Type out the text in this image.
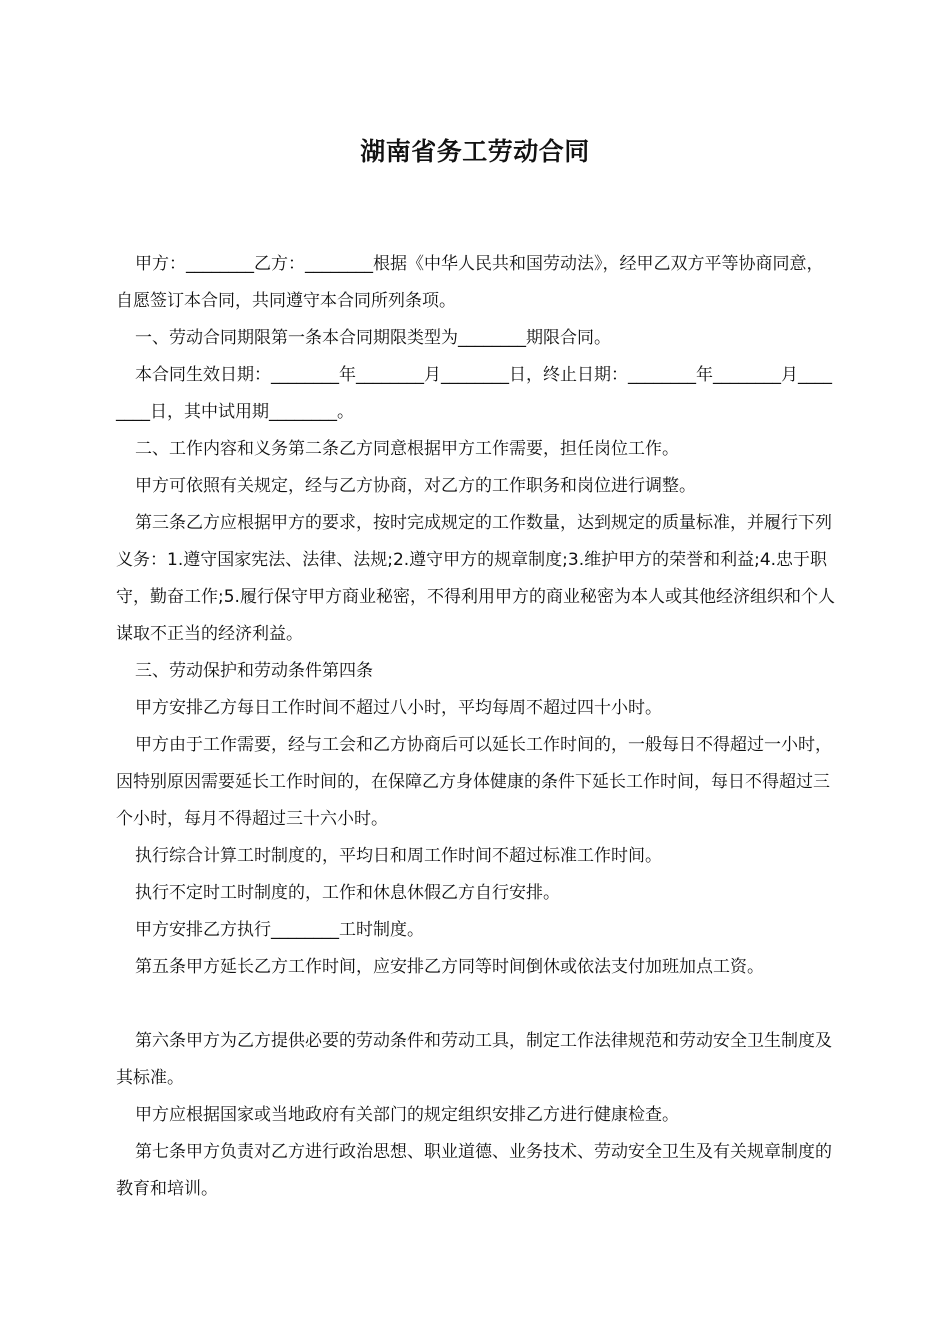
湖南省务工劳动合同

甲方：________乙方：________根据《中华人民共和国劳动法》，经甲乙双方平等协商同意，自愿签订本合同，共同遵守本合同所列条项。

一、劳动合同期限第一条本合同期限类型为________期限合同。

本合同生效日期：________年________月________日，终止日期：________年________月________日，其中试用期________。

二、工作内容和义务第二条乙方同意根据甲方工作需要，担任岗位工作。

甲方可依照有关规定，经与乙方协商，对乙方的工作职务和岗位进行调整。

第三条乙方应根据甲方的要求，按时完成规定的工作数量，达到规定的质量标准，并履行下列义务：1.遵守国家宪法、法律、法规;2.遵守甲方的规章制度;3.维护甲方的荣誉和利益;4.忠于职守，勤奋工作;5.履行保守甲方商业秘密，不得利用甲方的商业秘密为本人或其他经济组织和个人谋取不正当的经济利益。

三、劳动保护和劳动条件第四条

甲方安排乙方每日工作时间不超过八小时，平均每周不超过四十小时。

甲方由于工作需要，经与工会和乙方协商后可以延长工作时间的，一般每日不得超过一小时，因特别原因需要延长工作时间的，在保障乙方身体健康的条件下延长工作时间，每日不得超过三个小时，每月不得超过三十六小时。

执行综合计算工时制度的，平均日和周工作时间不超过标准工作时间。

执行不定时工时制度的，工作和休息休假乙方自行安排。

甲方安排乙方执行________工时制度。

第五条甲方延长乙方工作时间，应安排乙方同等时间倒休或依法支付加班加点工资。

第六条甲方为乙方提供必要的劳动条件和劳动工具，制定工作法律规范和劳动安全卫生制度及其标准。

甲方应根据国家或当地政府有关部门的规定组织安排乙方进行健康检查。

第七条甲方负责对乙方进行政治思想、职业道德、业务技术、劳动安全卫生及有关规章制度的教育和培训。
